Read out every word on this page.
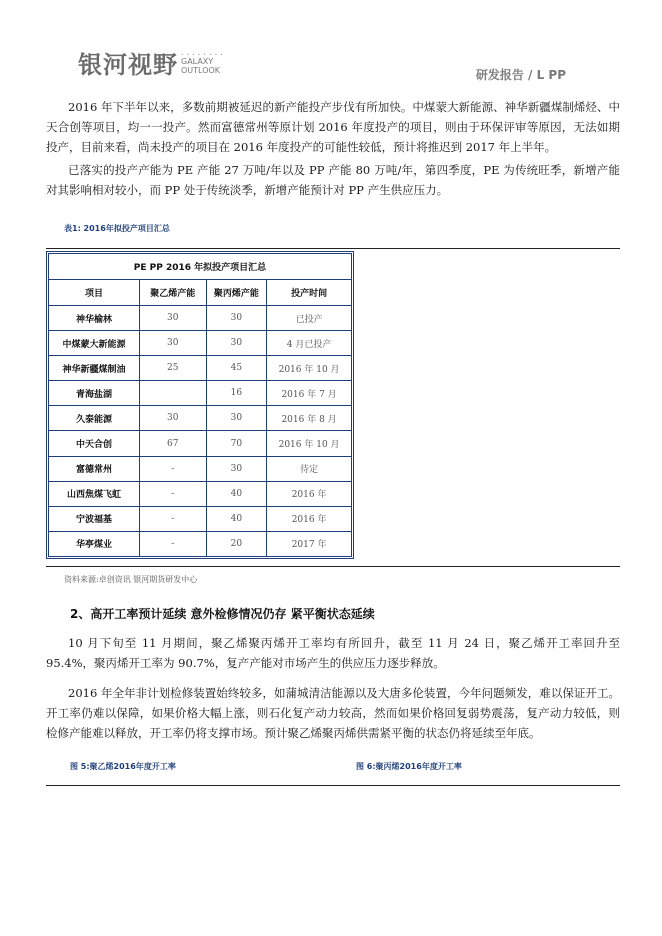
银河视野 • • • • • • • •
GALAXY
OUTLOOK	研发报告 / L PP
2016 年下半年以来，多数前期被延迟的新产能投产步伐有所加快。中煤蒙大新能源、神华新疆煤制烯烃、中天合创等项目，均一一投产。然而富德常州等原计划 2016 年度投产的项目，则由于环保评审等原因，无法如期投产，目前来看，尚未投产的项目在 2016 年度投产的可能性较低，预计将推迟到 2017 年上半年。
已落实的投产产能为 PE 产能 27 万吨/年以及 PP 产能 80 万吨/年，第四季度，PE 为传统旺季，新增产能对其影响相对较小，而 PP 处于传统淡季，新增产能预计对 PP 产生供应压力。
表1: 2016年拟投产项目汇总
PE PP 2016 年拟投产项目汇总			
项目	聚乙烯产能	聚丙烯产能	投产时间
神华榆林	30	30	已投产
中煤蒙大新能源	30	30	4 月已投产
神华新疆煤制油	25	45	2016 年 10 月
青海盐湖		16	2016 年 7 月
久泰能源	30	30	2016 年 8 月
中天合创	67	70	2016 年 10 月
富德常州	-	30	待定
山西焦煤飞虹	-	40	2016 年
宁波福基	-	40	2016 年
华亭煤业	-	20	2017 年
资料来源:卓创资讯 银河期货研发中心
2、高开工率预计延续 意外检修情况仍存 紧平衡状态延续
10 月下旬至 11 月期间，聚乙烯聚丙烯开工率均有所回升，截至 11 月 24 日，聚乙烯开工率回升至 95.4%，聚丙烯开工率为 90.7%，复产产能对市场产生的供应压力逐步释放。
2016 年全年非计划检修装置始终较多，如蒲城清洁能源以及大唐多伦装置，今年问题频发，难以保证开工。开工率仍难以保障，如果价格大幅上涨，则石化复产动力较高，然而如果价格回复弱势震荡，复产动力较低，则检修产能难以释放，开工率仍将支撑市场。预计聚乙烯聚丙烯供需紧平衡的状态仍将延续至年底。
图 5:聚乙烯2016年度开工率	图 6:聚丙烯2016年度开工率
